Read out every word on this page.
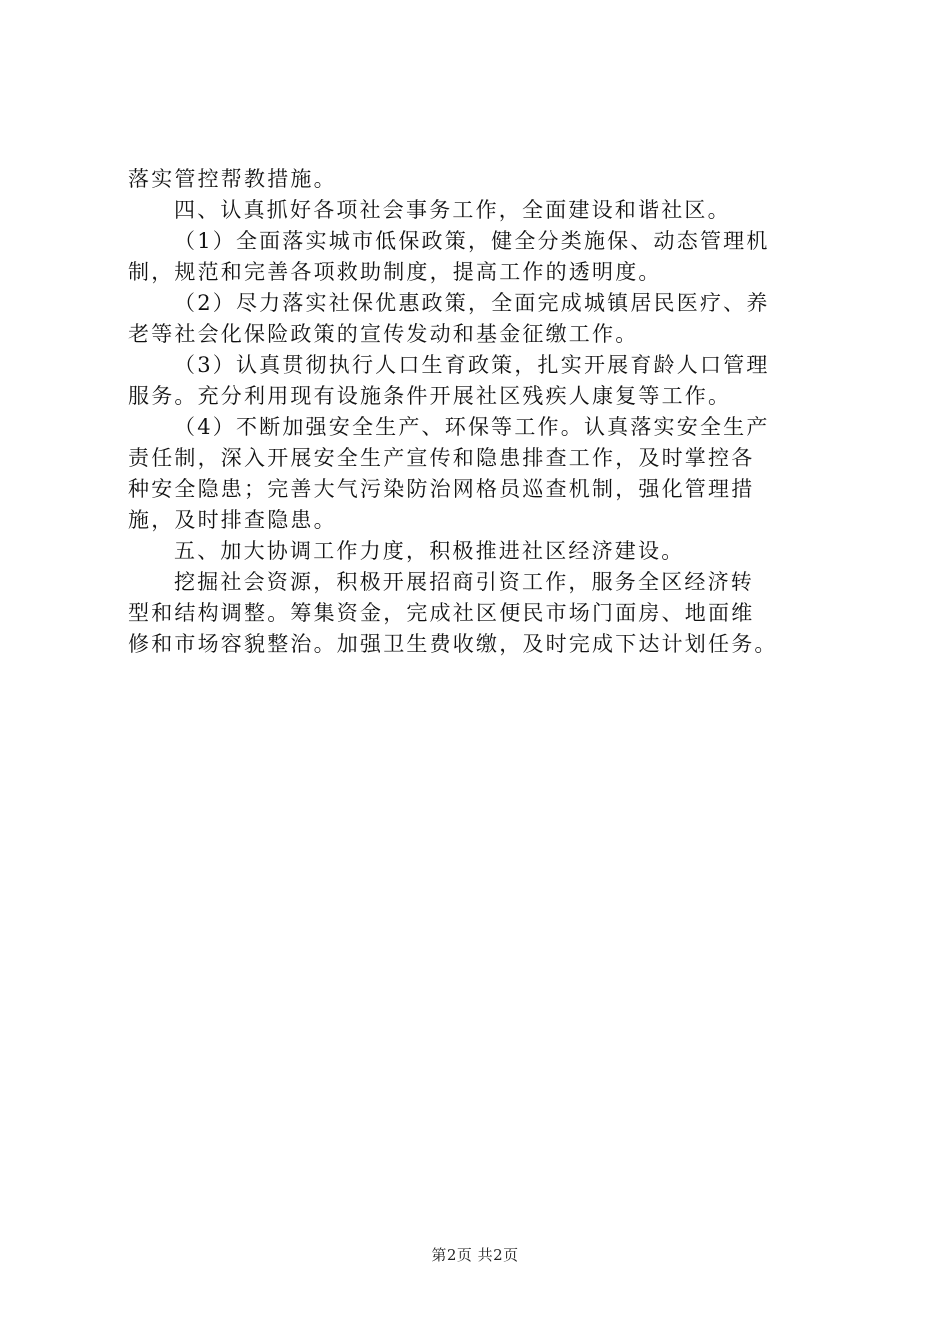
落实管控帮教措施。
四、认真抓好各项社会事务工作，全面建设和谐社区。
（1）全面落实城市低保政策，健全分类施保、动态管理机
制，规范和完善各项救助制度，提高工作的透明度。
（2）尽力落实社保优惠政策，全面完成城镇居民医疗、养
老等社会化保险政策的宣传发动和基金征缴工作。
（3）认真贯彻执行人口生育政策，扎实开展育龄人口管理
服务。充分利用现有设施条件开展社区残疾人康复等工作。
（4）不断加强安全生产、环保等工作。认真落实安全生产
责任制，深入开展安全生产宣传和隐患排查工作，及时掌控各
种安全隐患；完善大气污染防治网格员巡查机制，强化管理措
施，及时排查隐患。
五、加大协调工作力度，积极推进社区经济建设。
挖掘社会资源，积极开展招商引资工作，服务全区经济转
型和结构调整。筹集资金，完成社区便民市场门面房、地面维
修和市场容貌整治。加强卫生费收缴，及时完成下达计划任务。
第2页 共2页
